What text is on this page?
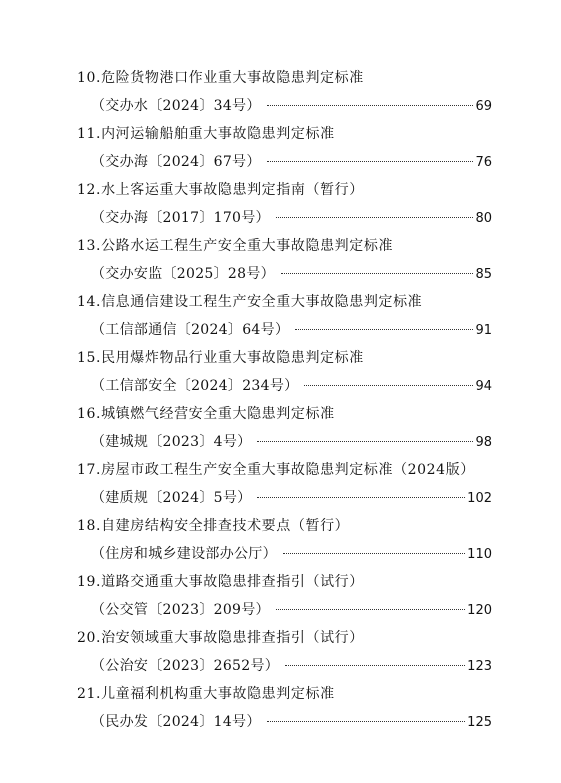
10.危险货物港口作业重大事故隐患判定标准
（交办水〔2024〕34号）	69
11.内河运输船舶重大事故隐患判定标准
（交办海〔2024〕67号）	76
12.水上客运重大事故隐患判定指南（暂行）
（交办海〔2017〕170号）	80
13.公路水运工程生产安全重大事故隐患判定标准
（交办安监〔2025〕28号）	85
14.信息通信建设工程生产安全重大事故隐患判定标准
（工信部通信〔2024〕64号）	91
15.民用爆炸物品行业重大事故隐患判定标准
（工信部安全〔2024〕234号）	94
16.城镇燃气经营安全重大隐患判定标准
（建城规〔2023〕4号）	98
17.房屋市政工程生产安全重大事故隐患判定标准（2024版）
（建质规〔2024〕5号）	102
18.自建房结构安全排查技术要点（暂行）
（住房和城乡建设部办公厅）	110
19.道路交通重大事故隐患排查指引（试行）
（公交管〔2023〕209号）	120
20.治安领域重大事故隐患排查指引（试行）
（公治安〔2023〕2652号）	123
21.儿童福利机构重大事故隐患判定标准
（民办发〔2024〕14号）	125
